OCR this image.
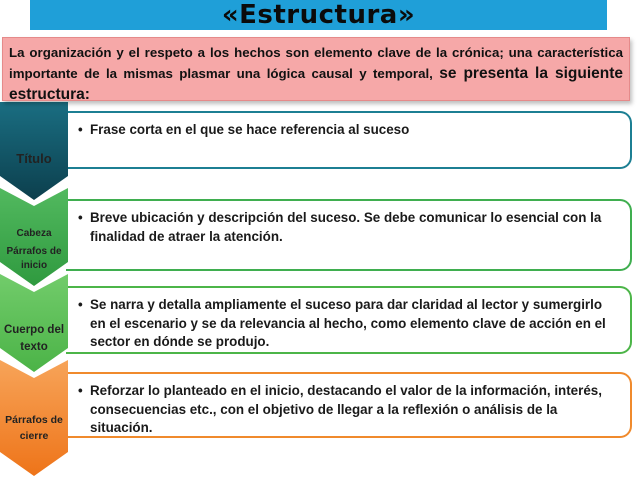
«Estructura»
• Frase corta en el que se hace referencia al suceso
• Breve ubicación y descripción del suceso. Se debe comunicar lo esencial con la finalidad de atraer la atención.
• Se narra y detalla ampliamente el suceso para dar claridad al lector y sumergirlo en el escenario y se da relevancia al hecho, como elemento clave de acción en el sector en dónde se produjo.
• Reforzar lo planteado en el inicio, destacando el valor de la información, interés, consecuencias etc., con el objetivo de llegar a la reflexión o análisis de la situación.
Título
Cabeza
Párrafos de
inicio
Cuerpo del
texto
Párrafos de
cierre
La organización y el respeto a los hechos son elemento clave de la crónica; una característica importante de la mismas plasmar una lógica causal y temporal, se presenta la siguiente estructura:
